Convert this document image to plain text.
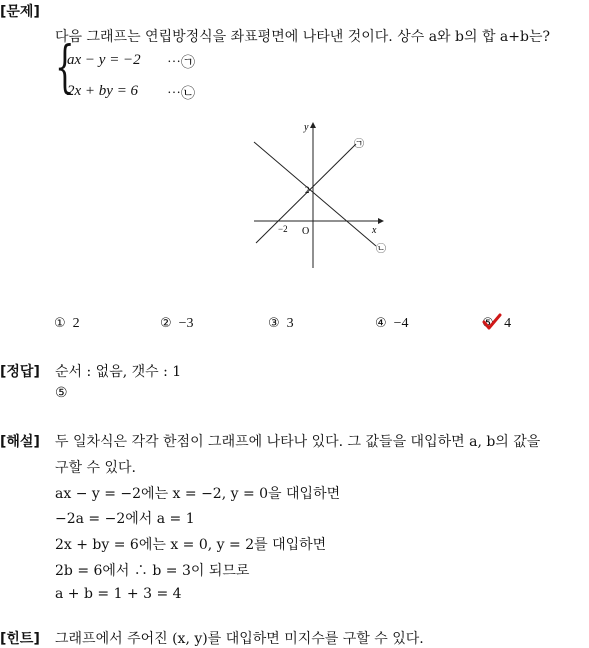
[문제]
다음 그래프는 연립방정식을 좌표평면에 나타낸 것이다. 상수 a와 b의 합 a+b는?
{
ax − y = −2 ⋯㉠
2x + by = 6 ⋯㉡
y
x
O
−2
2
㉠
㉡
① 2	② −3	③ 3	④ −4	⑤ 4
[정답] 순서 : 없음, 갯수 : 1
⑤
[해설] 두 일차식은 각각 한점이 그래프에 나타나 있다. 그 값들을 대입하면 a, b의 값을
구할 수 있다.
ax − y = −2에는 x = −2, y = 0을 대입하면
−2a = −2에서 a = 1
2x + by = 6에는 x = 0, y = 2를 대입하면
2b = 6에서 ∴ b = 3이 되므로
a + b = 1 + 3 = 4
[힌트] 그래프에서 주어진 (x, y)를 대입하면 미지수를 구할 수 있다.
